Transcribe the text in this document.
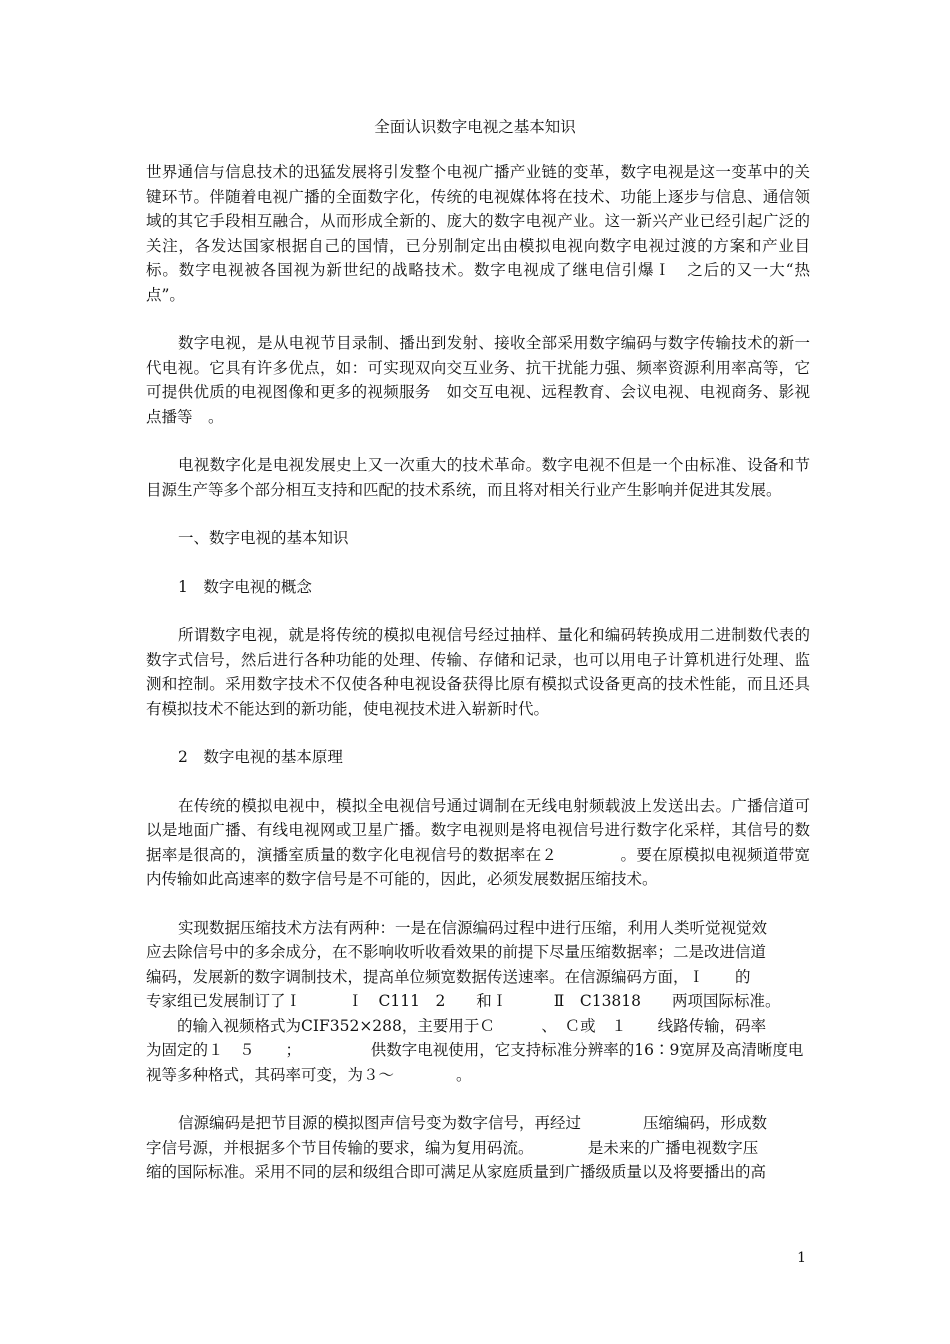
全面认识数字电视之基本知识

世界通信与信息技术的迅猛发展将引发整个电视广播产业链的变革，数字电视是这一变革中的关键环节。伴随着电视广播的全面数字化，传统的电视媒体将在技术、功能上逐步与信息、通信领域的其它手段相互融合，从而形成全新的、庞大的数字电视产业。这一新兴产业已经引起广泛的关注，各发达国家根据自己的国情，已分别制定出由模拟电视向数字电视过渡的方案和产业目标。数字电视被各国视为新世纪的战略技术。数字电视成了继电信引爆Ｉ　之后的又一大“热点”。

数字电视，是从电视节目录制、播出到发射、接收全部采用数字编码与数字传输技术的新一代电视。它具有许多优点，如：可实现双向交互业务、抗干扰能力强、频率资源利用率高等，它可提供优质的电视图像和更多的视频服务　如交互电视、远程教育、会议电视、电视商务、影视点播等　。

电视数字化是电视发展史上又一次重大的技术革命。数字电视不但是一个由标准、设备和节目源生产等多个部分相互支持和匹配的技术系统，而且将对相关行业产生影响并促进其发展。

一、数字电视的基本知识

1　数字电视的概念

所谓数字电视，就是将传统的模拟电视信号经过抽样、量化和编码转换成用二进制数代表的数字式信号，然后进行各种功能的处理、传输、存储和记录，也可以用电子计算机进行处理、监测和控制。采用数字技术不仅使各种电视设备获得比原有模拟式设备更高的技术性能，而且还具有模拟技术不能达到的新功能，使电视技术进入崭新时代。

2　数字电视的基本原理

在传统的模拟电视中，模拟全电视信号通过调制在无线电射频载波上发送出去。广播信道可以是地面广播、有线电视网或卫星广播。数字电视则是将电视信号进行数字化采样，其信号的数据率是很高的，演播室质量的数字化电视信号的数据率在２　　　　。要在原模拟电视频道带宽内传输如此高速率的数字信号是不可能的，因此，必须发展数据压缩技术。

实现数据压缩技术方法有两种：一是在信源编码过程中进行压缩，利用人类听觉视觉效
应去除信号中的多余成分，在不影响收听收看效果的前提下尽量压缩数据率；二是改进信道
编码，发展新的数字调制技术，提高单位频宽数据传送速率。在信源编码方面，Ｉ　　的
专家组已发展制订了Ｉ　　　Ｉ　C111　2　　和Ｉ　　　Ⅱ　C13818　　两项国际标准。
　　的输入视频格式为CIF352×288，主要用于Ｃ　　　、　Ｃ或　１　　线路传输，码率
为固定的１　５　　；　　　　　供数字电视使用，它支持标准分辨率的16∶9宽屏及高清晰度电
视等多种格式，其码率可变，为３～　　　　。
信源编码是把节目源的模拟图声信号变为数字信号，再经过　　　　压缩编码，形成数
字信号源，并根据多个节目传输的要求，编为复用码流。　　　　是未来的广播电视数字压
缩的国际标准。采用不同的层和级组合即可满足从家庭质量到广播级质量以及将要播出的高
1
